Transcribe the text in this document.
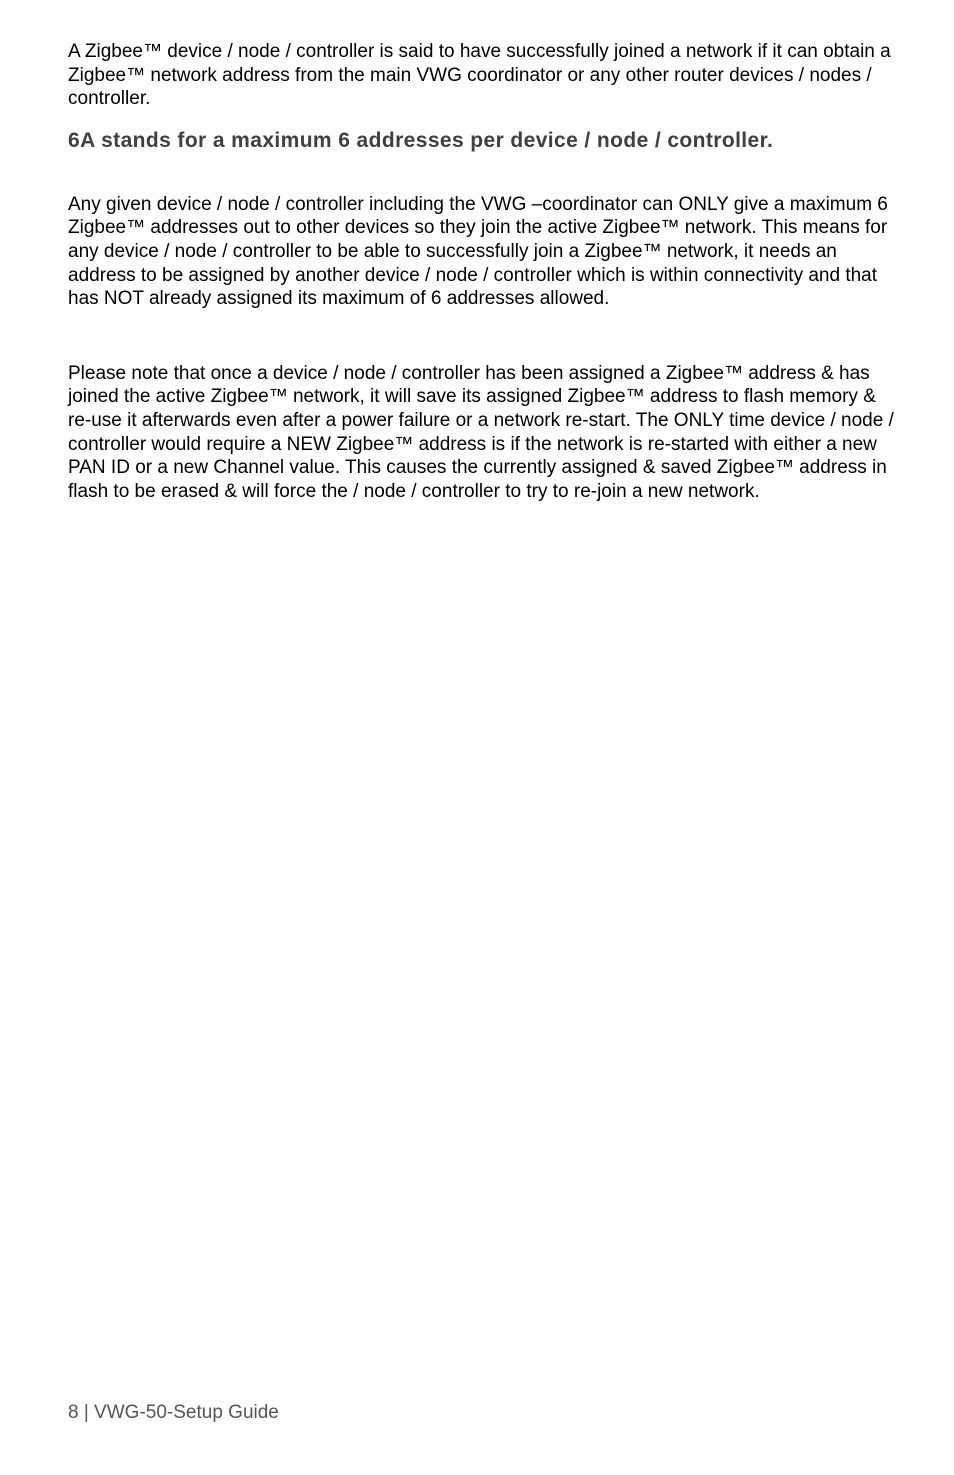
A Zigbee™ device / node / controller is said to have successfully joined a network if it can obtain a Zigbee™ network address from the main VWG coordinator or any other router devices / nodes / controller.

6A stands for a maximum 6 addresses per device / node / controller.

Any given device / node / controller including the VWG –coordinator can ONLY give a maximum 6 Zigbee™ addresses out to other devices so they join the active Zigbee™ network. This means for any device / node / controller to be able to successfully join a Zigbee™ network, it needs an address to be assigned by another device / node / controller which is within connectivity and that has NOT already assigned its maximum of 6 addresses allowed.

Please note that once a device / node / controller has been assigned a Zigbee™ address & has joined the active Zigbee™ network, it will save its assigned Zigbee™ address to flash memory & re-use it afterwards even after a power failure or a network re-start. The ONLY time device / node / controller would require a NEW Zigbee™ address is if the network is re-started with either a new PAN ID or a new Channel value. This causes the currently assigned & saved Zigbee™ address in flash to be erased & will force the / node / controller to try to re-join a new network.

8 | VWG-50-Setup Guide
